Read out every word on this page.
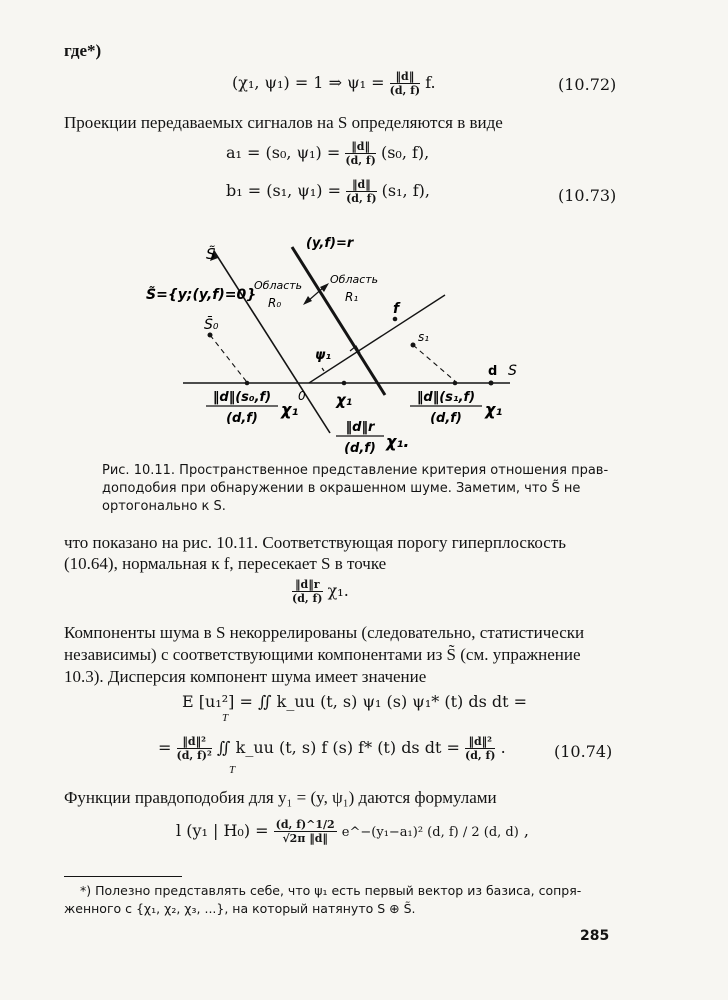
где*)
(χ₁, ψ₁) = 1 ⇒ $\psi_1 = \frac{‖d‖}{(d, f)} f$.	(10.72)
Проекции передаваемых сигналов на S определяются в виде
a₁ = (s₀, $\psi_1) = \frac{‖d‖}{(d, f)} (s_0$, f),
b₁ = (s₁, $\psi_1) = \frac{‖d‖}{(d, f)} (s_1$, f),	(10.73)
S̃
S̃={y;(y,f)=0}
S̄₀
(y,f)=r
Область
R₀
Область
R₁
f
ψ₁
s₁
d S
0 χ₁
‖d‖(s₀,f)
(d,f) χ₁
‖d‖(s₁,f)
(d,f) χ₁
‖d‖r
(d,f) χ₁.
Рис. 10.11. Пространственное представление критерия отношения прав-
доподобия при обнаружении в окрашенном шуме. Заметим, что S̃ не
ортогонально к S.
что показано на рис. 10.11. Соответствующая порогу гиперплоскость
(10.64), нормальная к f, пересекает S в точке
$\frac{‖d‖r}{(d, f)} \chi_1$.
Компоненты шума в S некоррелированы (следовательно, статистически
независимы) с соответствующими компонентами из S̃ (см. упражнение
10.3). Дисперсия компонент шума имеет значение
E [u₁²] = ∬ k_uu (t, s) ψ₁ (s) ψ₁* (t) ds dt =
T
= $\frac{\text{‖d‖²}}{\text{(d, f)²}}$ ∬ k_uu (t, s) f (s) f* (t) ds dt = $\frac{\text{‖d‖²}}{(d, f)}$ .
T
(10.74)
Функции правдоподобия для y₁ = (y, ψ₁) даются формулами
l (y₁ | $H_0) = \frac{(d, f)\^{}1/2}{√2\pi ‖d‖}$ e^−(y₁−a₁)² (d, f) / 2 (d, d) ,
*) Полезно представлять себе, что ψ₁ есть первый вектор из базиса, сопря-
женного с {χ₁, χ₂, χ₃, ...}, на который натянуто S ⊕ S̃.
285
